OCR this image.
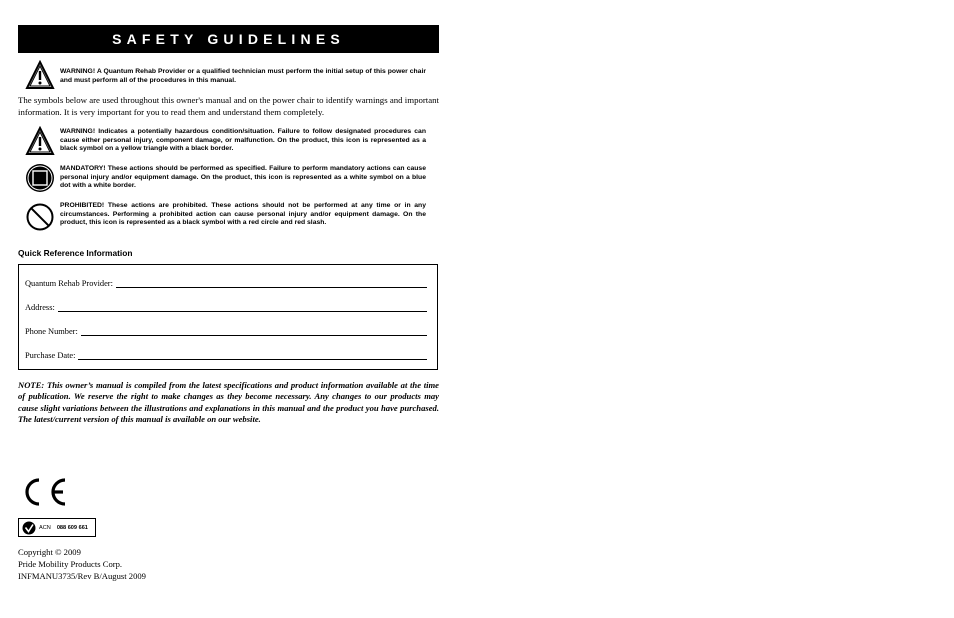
SAFETY GUIDELINES
WARNING! A Quantum Rehab Provider or a qualified technician must perform the initial setup of this power chair and must perform all of the procedures in this manual.
The symbols below are used throughout this owner's manual and on the power chair to identify warnings and important information. It is very important for you to read them and understand them completely.
WARNING! Indicates a potentially hazardous condition/situation. Failure to follow designated procedures can cause either personal injury, component damage, or malfunction. On the product, this icon is represented as a black symbol on a yellow triangle with a black border.
MANDATORY! These actions should be performed as specified. Failure to perform mandatory actions can cause personal injury and/or equipment damage. On the product, this icon is represented as a white symbol on a blue dot with a white border.
PROHIBITED! These actions are prohibited. These actions should not be performed at any time or in any circumstances. Performing a prohibited action can cause personal injury and/or equipment damage. On the product, this icon is represented as a black symbol with a red circle and red slash.
Quick Reference Information
Quantum Rehab Provider:
Address:
Phone Number:
Purchase Date:
NOTE: This owner’s manual is compiled from the latest specifications and product information available at the time of publication. We reserve the right to make changes as they become necessary. Any changes to our products may cause slight variations between the illustrations and explanations in this manual and the product you have purchased. The latest/current version of this manual is available on our website.
ACN 088 609 661
Copyright © 2009
Pride Mobility Products Corp.
INFMANU3735/Rev B/August 2009
